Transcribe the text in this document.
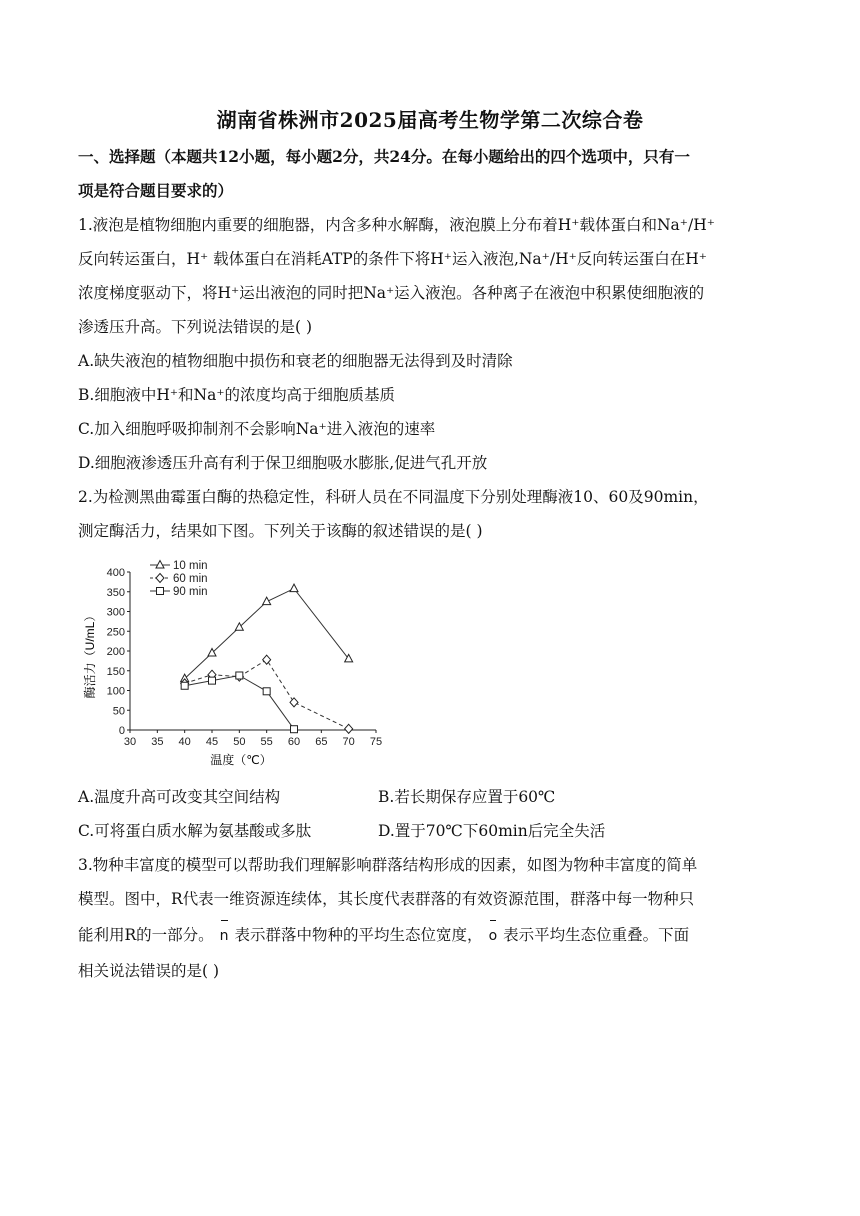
湖南省株洲市2025届高考生物学第二次综合卷
一、选择题（本题共12小题，每小题2分，共24分。在每小题给出的四个选项中，只有一
项是符合题目要求的）
1.液泡是植物细胞内重要的细胞器，内含多种水解酶，液泡膜上分布着H⁺载体蛋白和Na⁺/H⁺
反向转运蛋白，H⁺ 载体蛋白在消耗ATP的条件下将H⁺运入液泡,Na⁺/H⁺反向转运蛋白在H⁺
浓度梯度驱动下，将H⁺运出液泡的同时把Na⁺运入液泡。各种离子在液泡中积累使细胞液的
渗透压升高。下列说法错误的是( )
A.缺失液泡的植物细胞中损伤和衰老的细胞器无法得到及时清除
B.细胞液中H⁺和Na⁺的浓度均高于细胞质基质
C.加入细胞呼吸抑制剂不会影响Na⁺进入液泡的速率
D.细胞液渗透压升高有利于保卫细胞吸水膨胀,促进气孔开放
2.为检测黑曲霉蛋白酶的热稳定性，科研人员在不同温度下分别处理酶液10、60及90min，
测定酶活力，结果如下图。下列关于该酶的叙述错误的是( )
30 35 40 45 50 55 60 65 70 75
0
50
100
150
200
250
300
350
400
10 min
60 min
90 min
酶活力（U/mL）
温度（℃）
A.温度升高可改变其空间结构	B.若长期保存应置于60℃
C.可将蛋白质水解为氨基酸或多肽	D.置于70℃下60min后完全失活
3.物种丰富度的模型可以帮助我们理解影响群落结构形成的因素，如图为物种丰富度的简单
模型。图中，R代表一维资源连续体，其长度代表群落的有效资源范围，群落中每一物种只
能利用R的一部分。 n 表示群落中物种的平均生态位宽度， o 表示平均生态位重叠。下面
相关说法错误的是( )
